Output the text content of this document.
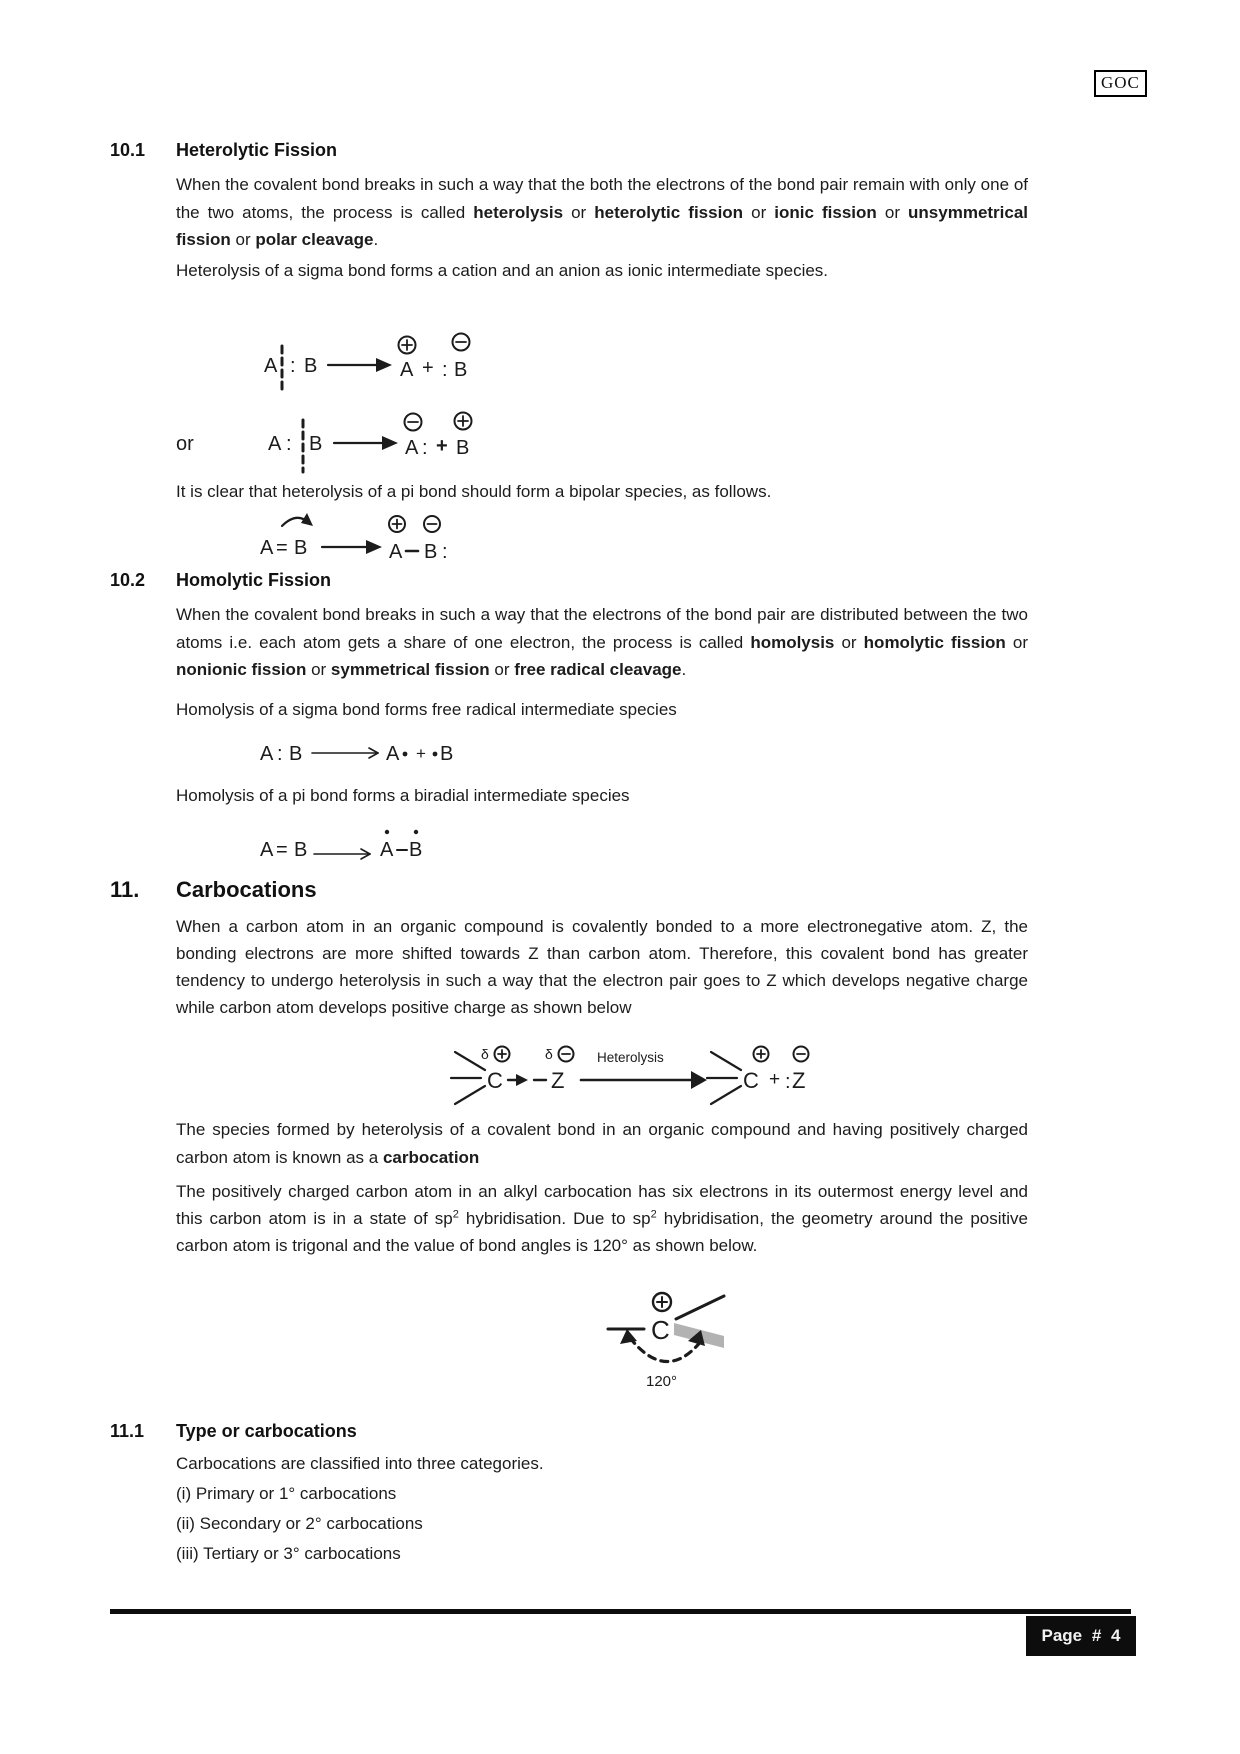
GOC
10.1 Heterolytic Fission

When the covalent bond breaks in such a way that the both the electrons of the bond pair remain with only one of the two atoms, the process is called heterolysis or heterolytic fission or ionic fission or unsymmetrical fission or polar cleavage.

Heterolysis of a sigma bond forms a cation and an anion as ionic intermediate species.

A : B	A + : B
or	A : B	A : + B

It is clear that heterolysis of a pi bond should form a bipolar species, as follows.

A = B	A B :
10.2 Homolytic Fission

When the covalent bond breaks in such a way that the electrons of the bond pair are distributed between the two atoms i.e. each atom gets a share of one electron, the process is called homolysis or homolytic fission or nonionic fission or symmetrical fission or free radical cleavage.

Homolysis of a sigma bond forms free radical intermediate species

A : B	A + B

Homolysis of a pi bond forms a biradial intermediate species

A = B	A B
11. Carbocations

When a carbon atom in an organic compound is covalently bonded to a more electronegative atom. Z, the bonding electrons are more shifted towards Z than carbon atom. Therefore, this covalent bond has greater tendency to undergo heterolysis in such a way that the electron pair goes to Z which develops negative charge while carbon atom develops positive charge as shown below

δ
C
δ
Z
Heterolysis
C + : Z

The species formed by heterolysis of a covalent bond in an organic compound and having positively charged carbon atom is known as a carbocation

The positively charged carbon atom in an alkyl carbocation has six electrons in its outermost energy level and this carbon atom is in a state of $sp^2$ hybridisation. Due to $sp^2$ hybridisation, the geometry around the positive carbon atom is trigonal and the value of bond angles is 120° as shown below.

C
120°
11.1 Type or carbocations
Carbocations are classified into three categories.
(i) Primary or 1° carbocations
(ii) Secondary or 2° carbocations
(iii) Tertiary or 3° carbocations
Page # 4
